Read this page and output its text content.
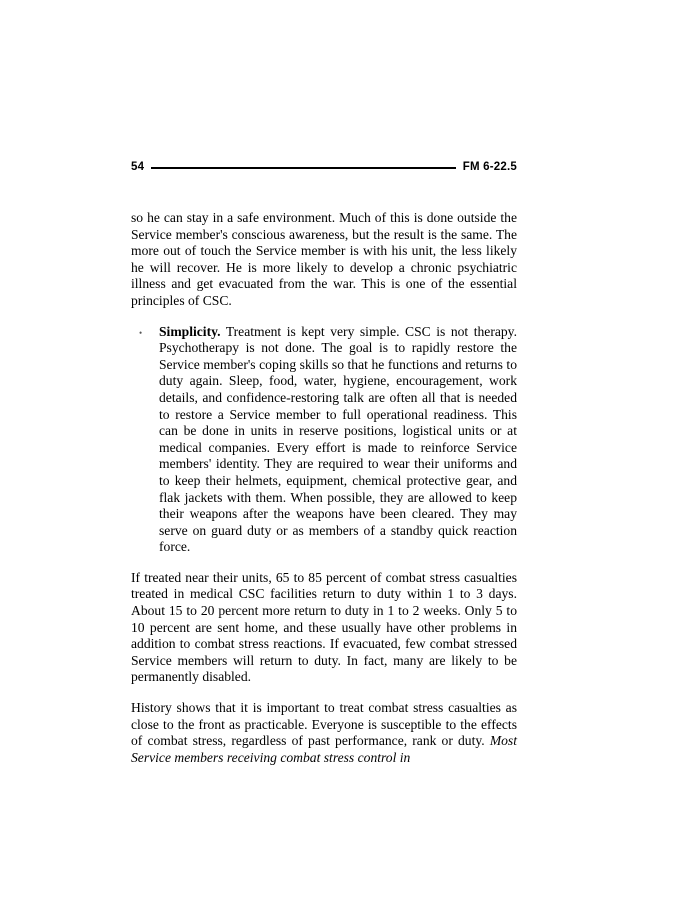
54	FM 6-22.5

so he can stay in a safe environment. Much of this is done outside the Service member's conscious awareness, but the result is the same. The more out of touch the Service member is with his unit, the less likely he will recover. He is more likely to develop a chronic psychiatric illness and get evacuated from the war. This is one of the essential principles of CSC.

• Simplicity. Treatment is kept very simple. CSC is not therapy. Psychotherapy is not done. The goal is to rapidly restore the Service member's coping skills so that he functions and returns to duty again. Sleep, food, water, hygiene, encouragement, work details, and confidence-restoring talk are often all that is needed to restore a Service member to full operational readiness. This can be done in units in reserve positions, logistical units or at medical companies. Every effort is made to reinforce Service members' identity. They are required to wear their uniforms and to keep their helmets, equipment, chemical protective gear, and flak jackets with them. When possible, they are allowed to keep their weapons after the weapons have been cleared. They may serve on guard duty or as members of a standby quick reaction force.

If treated near their units, 65 to 85 percent of combat stress casualties treated in medical CSC facilities return to duty within 1 to 3 days. About 15 to 20 percent more return to duty in 1 to 2 weeks. Only 5 to 10 percent are sent home, and these usually have other problems in addition to combat stress reactions. If evacuated, few combat stressed Service members will return to duty. In fact, many are likely to be permanently disabled.

History shows that it is important to treat combat stress casualties as close to the front as practicable. Everyone is susceptible to the effects of combat stress, regardless of past performance, rank or duty. Most Service members receiving combat stress control in
